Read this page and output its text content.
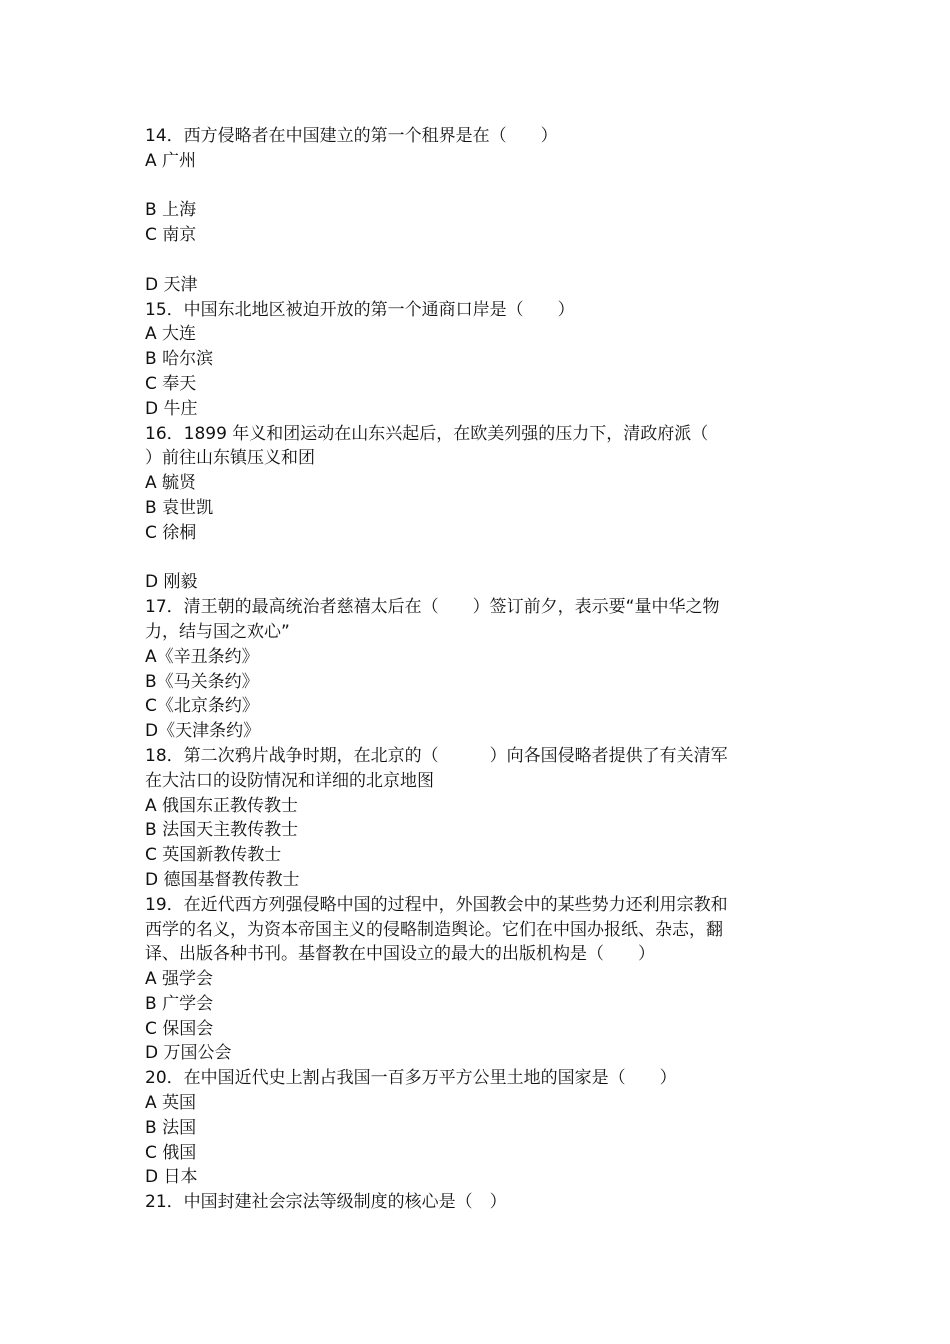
14．西方侵略者在中国建立的第一个租界是在（　　）
A 广州
B 上海
C 南京
D 天津
15．中国东北地区被迫开放的第一个通商口岸是（　　）
A 大连
B 哈尔滨
C 奉天
D 牛庄
16．1899 年义和团运动在山东兴起后，在欧美列强的压力下，清政府派（
）前往山东镇压义和团
A 毓贤
B 袁世凯
C 徐桐
D 刚毅
17．清王朝的最高统治者慈禧太后在（　　）签订前夕，表示要“量中华之物
力，结与国之欢心”
A《辛丑条约》
B《马关条约》
C《北京条约》
D《天津条约》
18．第二次鸦片战争时期，在北京的（　　　）向各国侵略者提供了有关清军
在大沽口的设防情况和详细的北京地图
A 俄国东正教传教士
B 法国天主教传教士
C 英国新教传教士
D 德国基督教传教士
19．在近代西方列强侵略中国的过程中，外国教会中的某些势力还利用宗教和
西学的名义，为资本帝国主义的侵略制造舆论。它们在中国办报纸、杂志，翻
译、出版各种书刊。基督教在中国设立的最大的出版机构是（　　）
A 强学会
B 广学会
C 保国会
D 万国公会
20．在中国近代史上割占我国一百多万平方公里土地的国家是（　　）
A 英国
B 法国
C 俄国
D 日本
21．中国封建社会宗法等级制度的核心是（　）
